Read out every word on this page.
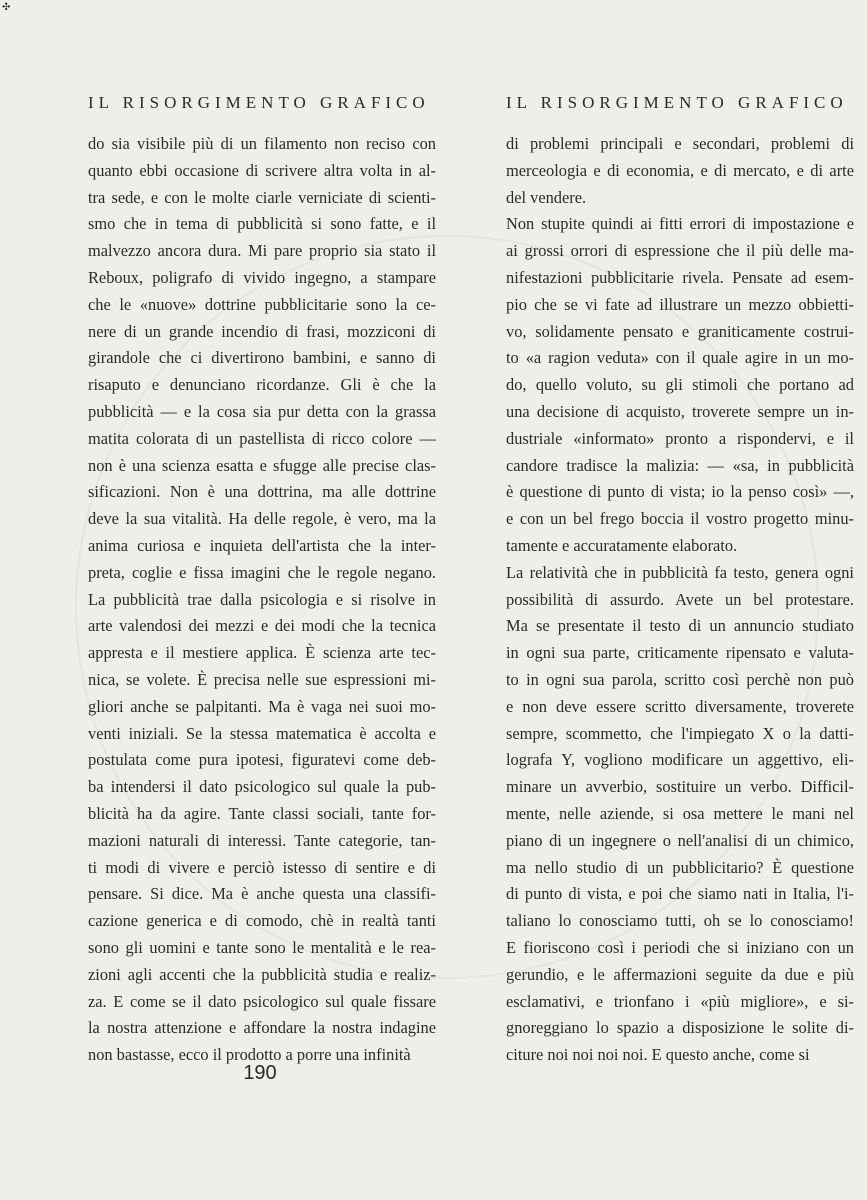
✣
IL RISORGIMENTO GRAFICO
do sia visibile più di un filamento non reciso con
quanto ebbi occasione di scrivere altra volta in al-
tra sede, e con le molte ciarle verniciate di scienti-
smo che in tema di pubblicità si sono fatte, e il
malvezzo ancora dura. Mi pare proprio sia stato il
Reboux, poligrafo di vivido ingegno, a stampare
che le «nuove» dottrine pubblicitarie sono la ce-
nere di un grande incendio di frasi, mozziconi di
girandole che ci divertirono bambini, e sanno di
risaputo e denunciano ricordanze. Gli è che la
pubblicità — e la cosa sia pur detta con la grassa
matita colorata di un pastellista di ricco colore —
non è una scienza esatta e sfugge alle precise clas-
sificazioni. Non è una dottrina, ma alle dottrine
deve la sua vitalità. Ha delle regole, è vero, ma la
anima curiosa e inquieta dell'artista che la inter-
preta, coglie e fissa imagini che le regole negano.
La pubblicità trae dalla psicologia e si risolve in
arte valendosi dei mezzi e dei modi che la tecnica
appresta e il mestiere applica. È scienza arte tec-
nica, se volete. È precisa nelle sue espressioni mi-
gliori anche se palpitanti. Ma è vaga nei suoi mo-
venti iniziali. Se la stessa matematica è accolta e
postulata come pura ipotesi, figuratevi come deb-
ba intendersi il dato psicologico sul quale la pub-
blicità ha da agire. Tante classi sociali, tante for-
mazioni naturali di interessi. Tante categorie, tan-
ti modi di vivere e perciò istesso di sentire e di
pensare. Si dice. Ma è anche questa una classifi-
cazione generica e di comodo, chè in realtà tanti
sono gli uomini e tante sono le mentalità e le rea-
zioni agli accenti che la pubblicità studia e realiz-
za. E come se il dato psicologico sul quale fissare
la nostra attenzione e affondare la nostra indagine
non bastasse, ecco il prodotto a porre una infinità
IL RISORGIMENTO GRAFICO
di problemi principali e secondari, problemi di
merceologia e di economia, e di mercato, e di arte
del vendere.
Non stupite quindi ai fitti errori di impostazione e
ai grossi orrori di espressione che il più delle ma-
nifestazioni pubblicitarie rivela. Pensate ad esem-
pio che se vi fate ad illustrare un mezzo obbietti-
vo, solidamente pensato e graniticamente costrui-
to «a ragion veduta» con il quale agire in un mo-
do, quello voluto, su gli stimoli che portano ad
una decisione di acquisto, troverete sempre un in-
dustriale «informato» pronto a rispondervi, e il
candore tradisce la malizia: — «sa, in pubblicità
è questione di punto di vista; io la penso così» —,
e con un bel frego boccia il vostro progetto minu-
tamente e accuratamente elaborato.
La relatività che in pubblicità fa testo, genera ogni
possibilità di assurdo. Avete un bel protestare.
Ma se presentate il testo di un annuncio studiato
in ogni sua parte, criticamente ripensato e valuta-
to in ogni sua parola, scritto così perchè non può
e non deve essere scritto diversamente, troverete
sempre, scommetto, che l'impiegato X o la datti-
lografa Y, vogliono modificare un aggettivo, eli-
minare un avverbio, sostituire un verbo. Difficil-
mente, nelle aziende, si osa mettere le mani nel
piano di un ingegnere o nell'analisi di un chimico,
ma nello studio di un pubblicitario? È questione
di punto di vista, e poi che siamo nati in Italia, l'i-
taliano lo conosciamo tutti, oh se lo conosciamo!
E fioriscono così i periodi che si iniziano con un
gerundio, e le affermazioni seguite da due e più
esclamativi, e trionfano i «più migliore», e si-
gnoreggiano lo spazio a disposizione le solite di-
citure noi noi noi noi. E questo anche, come si
190
